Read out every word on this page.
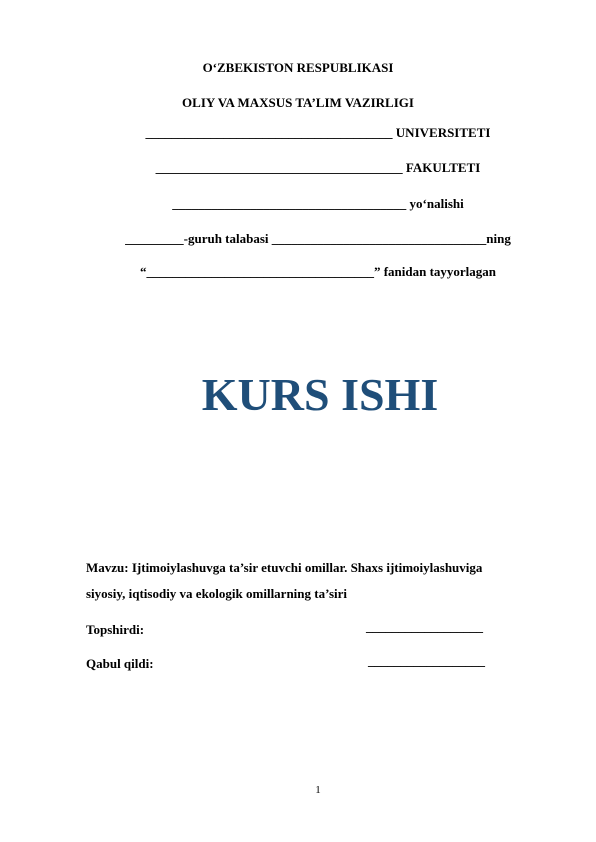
O‘ZBEKISTON RESPUBLIKASI
OLIY VA MAXSUS TA’LIM VAZIRLIGI
______________________________________ UNIVERSITETI
______________________________________ FAKULTETI
____________________________________ yo‘nalishi
_________-guruh talabasi _________________________________ning
“___________________________________” fanidan tayyorlagan
KURS ISHI
Mavzu: Ijtimoiylashuvga ta’sir etuvchi omillar. Shaxs ijtimoiylashuviga
siyosiy, iqtisodiy va ekologik omillarning ta’siri
Topshirdi:	__________________
Qabul qildi:	__________________
1
